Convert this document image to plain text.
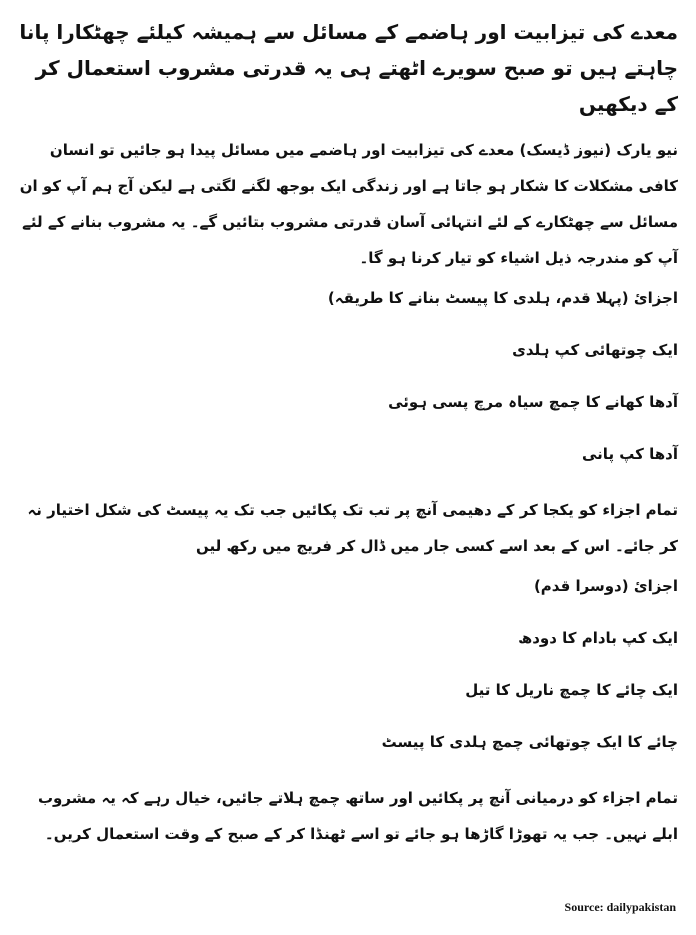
معدے کی تیزابیت اور ہاضمے کے مسائل سے ہمیشہ کیلئے چھٹکارا پانا چاہتے ہیں تو صبح سویرے اٹھتے ہی یہ قدرتی مشروب استعمال کر کے دیکھیں
نیو یارک (نیوز ڈیسک) معدے کی تیزابیت اور ہاضمے میں مسائل پیدا ہو جائیں تو انسان کافی مشکلات کا شکار ہو جاتا ہے اور زندگی ایک بوجھ لگنے لگتی ہے لیکن آج ہم آپ کو ان مسائل سے چھٹکارے کے لئے انتہائی آسان قدرتی مشروب بتائیں گے۔ یہ مشروب بنانے کے لئے آپ کو مندرجہ ذیل اشیاء کو تیار کرنا ہو گا۔
اجزائ (پہلا قدم، ہلدی کا پیسٹ بنانے کا طریقہ)
ایک چوتھائی کپ ہلدی
آدھا کھانے کا چمچ سیاہ مرچ پسی ہوئی
آدھا کپ پانی
تمام اجزاء کو یکجا کر کے دھیمی آنچ پر تب تک پکائیں جب تک یہ پیسٹ کی شکل اختیار نہ کر جائے۔ اس کے بعد اسے کسی جار میں ڈال کر فریج میں رکھ لیں
اجزائ (دوسرا قدم)
ایک کپ بادام کا دودھ
ایک چائے کا چمچ ناریل کا تیل
چائے کا ایک چوتھائی چمچ ہلدی کا پیسٹ
تمام اجزاء کو درمیانی آنچ پر پکائیں اور ساتھ چمچ ہلاتے جائیں، خیال رہے کہ یہ مشروب ابلے نہیں۔ جب یہ تھوڑا گاڑھا ہو جائے تو اسے ٹھنڈا کر کے صبح کے وقت استعمال کریں۔
Source: dailypakistan
